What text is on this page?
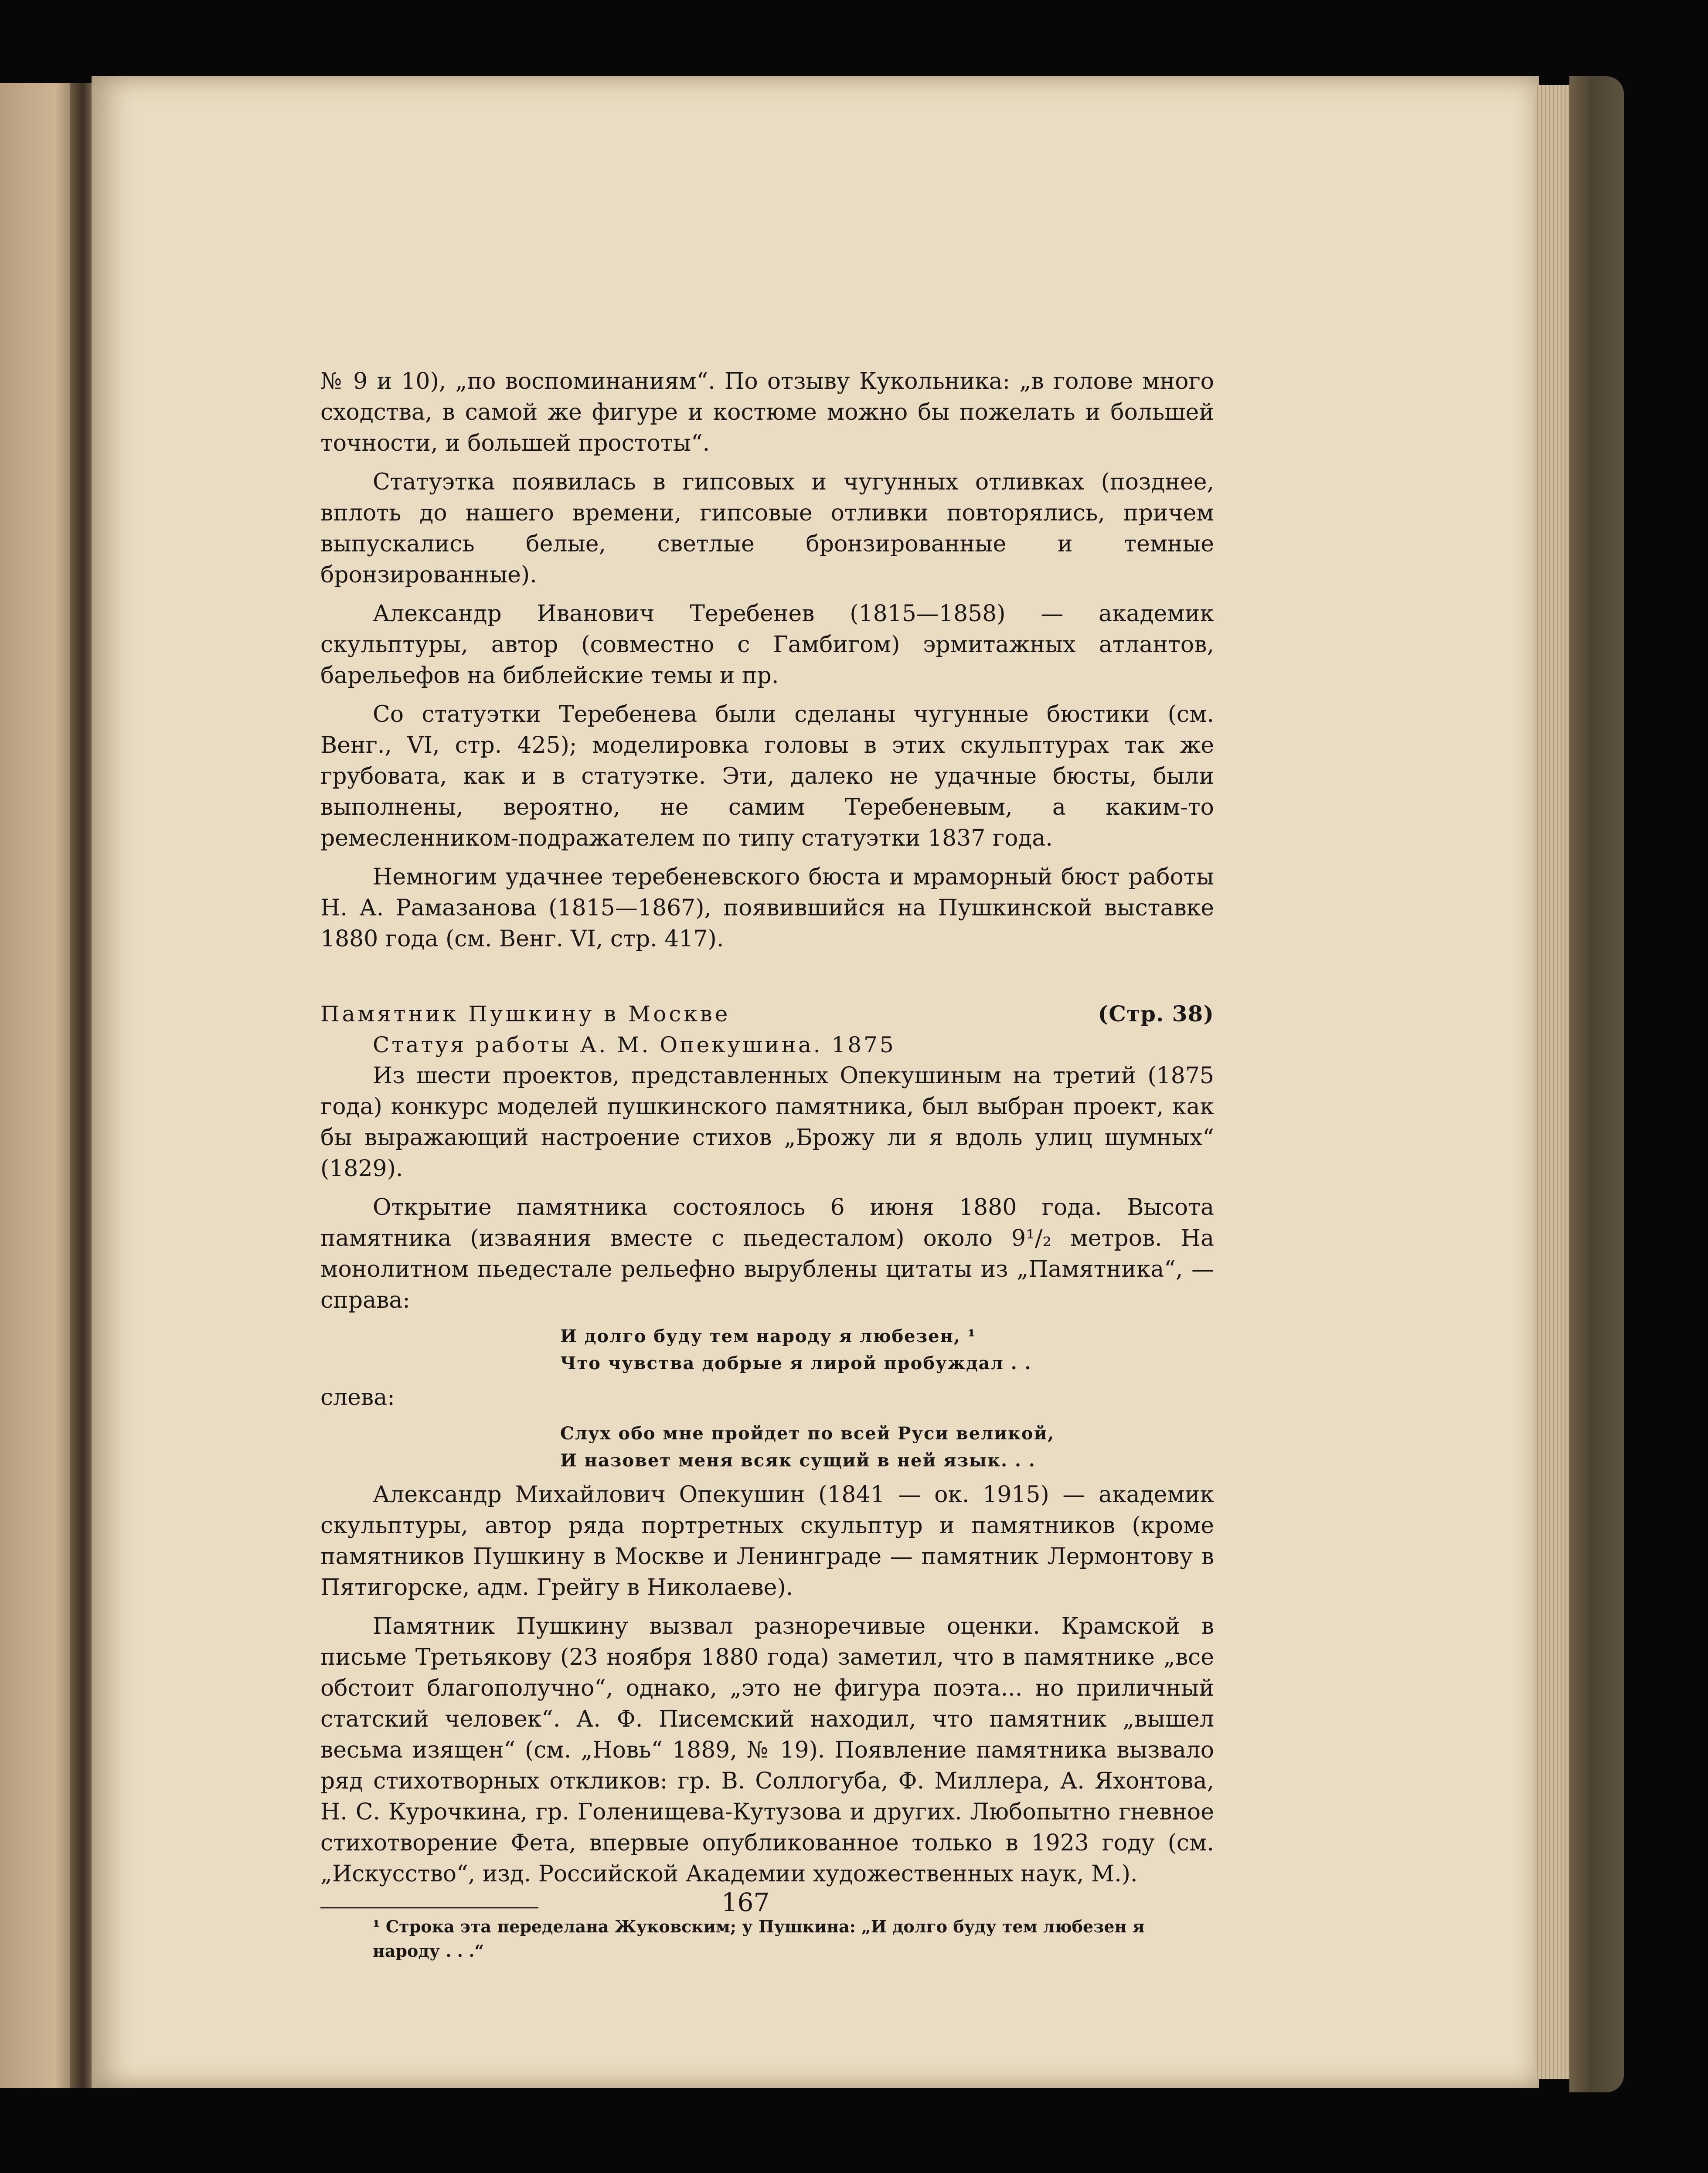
№ 9 и 10), „по воспоминаниям“. По отзыву Кукольника: „в голове много сходства, в самой же фигуре и костюме можно бы пожелать и большей точности, и большей простоты“.

Статуэтка появилась в гипсовых и чугунных отливках (позднее, вплоть до нашего времени, гипсовые отливки повторялись, причем выпускались белые, светлые бронзированные и темные бронзированные).

Александр Иванович Теребенев (1815—1858) — академик скульптуры, автор (совместно с Гамбигом) эрмитажных атлантов, барельефов на библейские темы и пр.

Со статуэтки Теребенева были сделаны чугунные бюстики (см. Венг., VI, стр. 425); моделировка головы в этих скульптурах так же грубовата, как и в статуэтке. Эти, далеко не удачные бюсты, были выполнены, вероятно, не самим Теребеневым, а каким-то ремесленником-подражателем по типу статуэтки 1837 года.

Немногим удачнее теребеневского бюста и мраморный бюст работы Н. А. Рамазанова (1815—1867), появившийся на Пушкинской выставке 1880 года (см. Венг. VI, стр. 417).

Памятник Пушкину в Москве	(Стр. 38)

Статуя работы А. М. Опекушина. 1875

Из шести проектов, представленных Опекушиным на третий (1875 года) конкурс моделей пушкинского памятника, был выбран проект, как бы выражающий настроение стихов „Брожу ли я вдоль улиц шумных“ (1829).

Открытие памятника состоялось 6 июня 1880 года. Высота памятника (изваяния вместе с пьедесталом) около 9¹/₂ метров. На монолитном пьедестале рельефно вырублены цитаты из „Памятника“, — справа:

И долго буду тем народу я любезен, ¹

Что чувства добрые я лирой пробуждал . .

слева:

Слух обо мне пройдет по всей Руси великой,

И назовет меня всяк сущий в ней язык. . .

Александр Михайлович Опекушин (1841 — ок. 1915) — академик скульптуры, автор ряда портретных скульптур и памятников (кроме памятников Пушкину в Москве и Ленинграде — памятник Лермонтову в Пятигорске, адм. Грейгу в Николаеве).

Памятник Пушкину вызвал разноречивые оценки. Крамской в письме Третьякову (23 ноября 1880 года) заметил, что в памятнике „все обстоит благополучно“, однако, „это не фигура поэта... но приличный статский человек“. А. Ф. Писемский находил, что памятник „вышел весьма изящен“ (см. „Новь“ 1889, № 19). Появление памятника вызвало ряд стихотворных откликов: гр. В. Соллогуба, Ф. Миллера, А. Яхонтова, Н. С. Курочкина, гр. Голенищева-Кутузова и других. Любопытно гневное стихотворение Фета, впервые опубликованное только в 1923 году (см. „Искусство“, изд. Российской Академии художественных наук, М.).

¹ Строка эта переделана Жуковским; у Пушкина: „И долго буду тем любезен я народу . . .“

167
